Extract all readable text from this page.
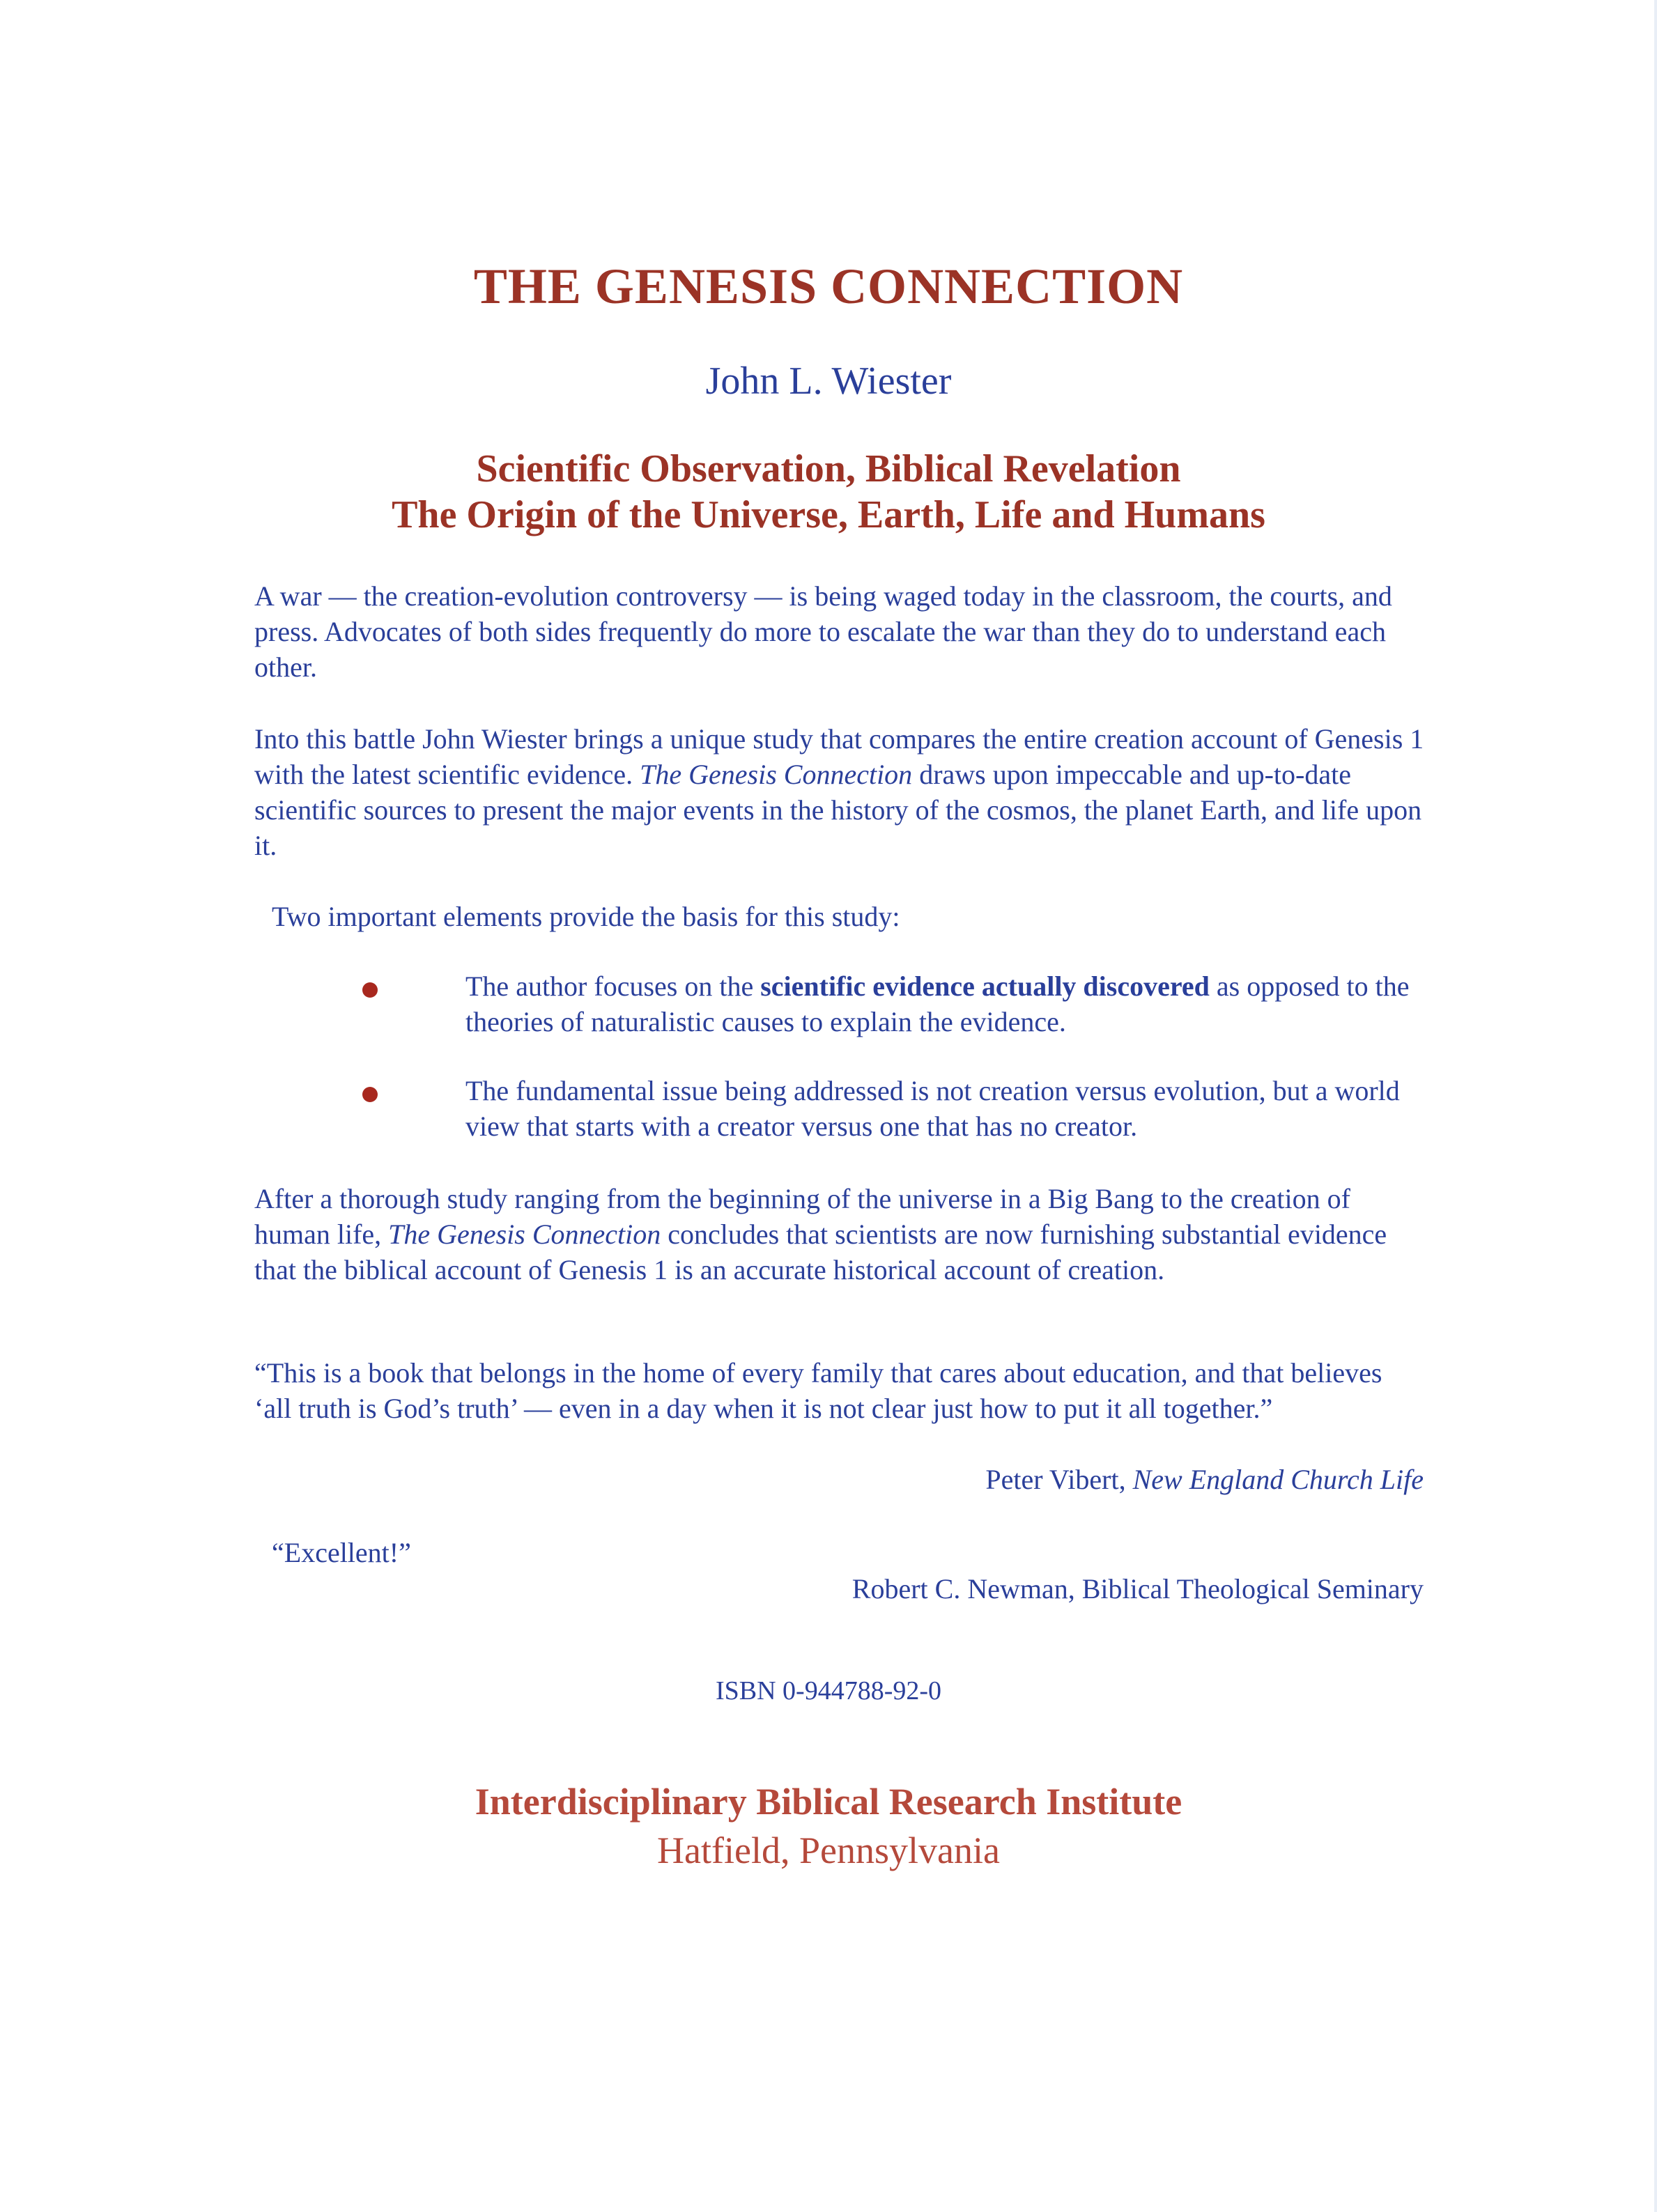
THE GENESIS CONNECTION

John L. Wiester

Scientific Observation, Biblical Revelation
The Origin of the Universe, Earth, Life and Humans

A war — the creation-evolution controversy — is being waged today in the classroom, the courts, and press. Advocates of both sides frequently do more to escalate the war than they do to understand each other.

Into this battle John Wiester brings a unique study that compares the entire creation account of Genesis 1 with the latest scientific evidence. The Genesis Connection draws upon impeccable and up-to-date scientific sources to present the major events in the history of the cosmos, the planet Earth, and life upon it.

Two important elements provide the basis for this study:

The author focuses on the scientific evidence actually discovered as opposed to the theories of naturalistic causes to explain the evidence.

The fundamental issue being addressed is not creation versus evolution, but a world view that starts with a creator versus one that has no creator.

After a thorough study ranging from the beginning of the universe in a Big Bang to the creation of human life, The Genesis Connection concludes that scientists are now furnishing substantial evidence that the biblical account of Genesis 1 is an accurate historical account of creation.

“This is a book that belongs in the home of every family that cares about education, and that believes ‘all truth is God’s truth’ — even in a day when it is not clear just how to put it all together.”

Peter Vibert, New England Church Life

“Excellent!”

Robert C. Newman, Biblical Theological Seminary

ISBN 0-944788-92-0

Interdisciplinary Biblical Research Institute

Hatfield, Pennsylvania
